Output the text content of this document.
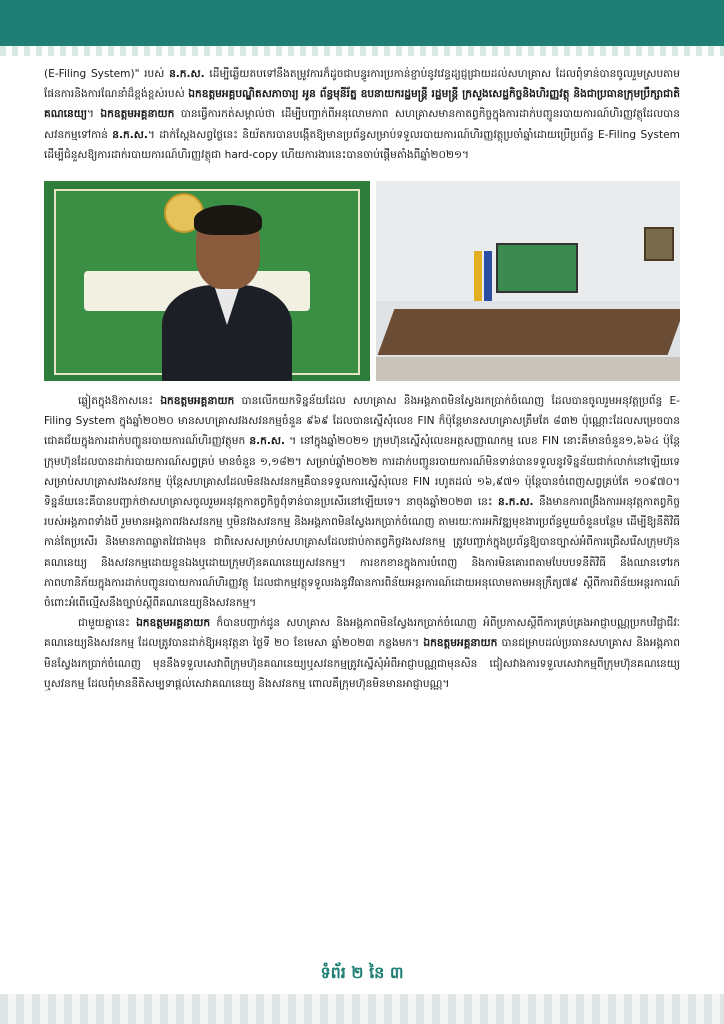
(E-Filing System)" របស់ ន.ក.ស. ដើម្បីឆ្លើយតបទៅនឹងតម្រូវការក៏ដូចជាបន្ធូរការប្រកាន់ខ្ជាប់នូវវេន្ទដ្យជ្ញជ្រាយដល់សហគ្រាស ដែលពុំទាន់បានចូលរួមស្របតាម ផែនការនិងការណែនាំដ៏ខ្ពង់ខ្ពស់របស់ ឯកឧត្តមអគ្គបណ្ឌិតសភាចារ្យ អូន ព័ន្ធមុនីរ័ត្ន ឧបនាយករដ្ឋមន្ត្រី រដ្ឋមន្ត្រី ក្រសួងសេដ្ឋកិច្ចនិងហិរញ្ញវត្ថុ និងជាប្រធានក្រុមប្រឹក្សាជាតិគណនេយ្យ។ ឯកឧត្តមអគ្គនាយក បានធ្វើការកត់សម្គាល់ថា ដើម្បីបញ្ជាក់ពីអនុលោមភាព សហគ្រាសមានកាតព្វកិច្ចក្នុងការដាក់បញ្ជូនរបាយការណ៍ហិរញ្ញវត្ថុដែលបានសវនកម្មទៅកាន់ ន.ក.ស.។ ដាក់ស្តែងសព្វថ្ងៃនេះ និយ័តករបានបង្កើតឱ្យមានប្រព័ន្ធសម្រាប់ទទួលរបាយការណ៍ហិរញ្ញវត្ថុប្រចាំឆ្នាំដោយប្រើប្រព័ន្ធ E-Filing System ដើម្បីជំនួសឱ្យការដាក់របាយការណ៍ហិរញ្ញវត្ថុជា hard-copy ហើយការងារនេះបានចាប់ផ្តើមតាំងពីឆ្នាំ២០២១។

ឆ្លៀតក្នុងឱកាសនេះ ឯកឧត្តមអគ្គនាយក បានលើកយកទិន្នន័យដែល សហគ្រាស និងអង្គភាពមិនស្វែងរកប្រាក់ចំណេញ ដែលបានចូលរួមអនុវត្តប្រព័ន្ធ E-Filing System ក្នុងឆ្នាំ២០២០ មានសហគ្រាសវងសវនកម្មចំនួន ៩៦៩ ដែលបានស្នើសុំលេខ FIN ក៏ប៉ុន្តែមានសហគ្រាសត្រឹមតែ ៨៣២ ប៉ុណ្ណោះដែលសម្រេចបានជោគជ័យក្នុងការដាក់បញ្ជូនរបាយការណ៍ហិរញ្ញវត្ថុមក ន.ក.ស. ។ នៅក្នុងឆ្នាំ២០២១ ក្រុមហ៊ុនស្នើសុំលេខអត្តសញ្ញាណកម្ម លេខ FIN នោះគឺមានចំនួន១,៦៦៤ ប៉ុន្តែក្រុមហ៊ុនដែលបានដាក់របាយការណ៍សព្វគ្រប់ មានចំនួន ១,១៨២។ សម្រាប់ឆ្នាំ២០២២ ការដាក់បញ្ជូនរបាយការណ៍មិនទាន់បានទទួលនូវទិន្នន័យជាក់លាក់នៅឡើយទេ សម្រាប់សហគ្រាសវងសវនកម្ម ប៉ុន្តែសហគ្រាសដែលមិនវងសវនកម្មគឺបានទទួលការស្នើសុំលេខ FIN រហូតដល់ ១៦,៩៧១ ប៉ុន្តែបានចំពេញសព្វគ្រប់តែ ១០៩៧០។ ទិន្នន័យនេះគឺបានបញ្ជាក់ថាសហគ្រាសចូលរួមអនុវត្តកាតព្វកិច្ចពុំទាន់បានប្រសើរនៅឡើយទេ។ នាចុងឆ្នាំ២០២៣ នេះ ន.ក.ស. នឹងមានការពង្រឹងការអនុវត្តកាតព្វកិច្ចរបស់អង្គភាពទាំងបី រួមមានអង្គភាពវងសវនកម្ម ឬមិនវងសវនកម្ម និងអង្គភាពមិនស្វែងរកប្រាក់ចំណេញ តាមរយៈការអភិវឌ្ឍមុខងារប្រព័ន្ធមួយចំនួនបន្ថែម ដើម្បីឱ្យនីតិវិធីកាន់តែប្រសើរ និងមានភាពឆ្លាតវៃជាងមុន ជាពិសេសសម្រាប់សហគ្រាសដែលជាប់កាតព្វកិច្ចវងសវនកម្ម ត្រូវបញ្ជាក់ក្នុងប្រព័ន្ធឱ្យបានច្បាស់អំពីការជ្រើសរើសក្រុមហ៊ុនគណនេយ្យ និងសវនកម្មដោយខ្លួនឯងឬដោយក្រុមហ៊ុនគណនេយ្យសវនកម្ម។ ការខកខានក្នុងការបំពេញ និងការមិនគោរពតាមបែបបទនីតិវិធី នឹងឈានទៅរកភាពហានិភ័យក្នុងការដាក់បញ្ជូនរបាយការណ៍ហិរញ្ញវត្ថុ ដែលជាកម្មវត្ថុទទួលរងនូវវិធានការពិន័យអន្តរការណ៍ដោយអនុលោមតាមអនុក្រឹត្យ៧៩ ស្តីពីការពិន័យអន្តរការណ៍ចំពោះអំពើល្មើសនឹងច្បាប់ស្តីពីគណនេយ្យនិងសវនកម្ម។

ជាមួយគ្នានេះ ឯកឧត្តមអគ្គនាយក ក៏បានបញ្ជាក់ជូន សហគ្រាស និងអង្គភាពមិនស្វែងរកប្រាក់ចំណេញ អំពីប្រកាសស្តីពីការគ្រប់គ្រងអាជ្ញាបណ្ណប្រកបវិជ្ជាជីវៈគណនេយ្យនិងសវនកម្ម ដែលត្រូវបានដាក់ឱ្យអនុវត្តនា ថ្ងៃទី ២០ ខែមេសា ឆ្នាំ២០២៣ កន្លងមក។ ឯកឧត្តមអគ្គនាយក បានជម្រាបដល់ប្រធានសហគ្រាស និងអង្គភាពមិនស្វែងរកប្រាក់ចំណេញ មុននឹងទទួលសេវាពីក្រុមហ៊ុនគណនេយ្យឬសវនកម្មត្រូវស្នើសុំអំពីអាជ្ញាបណ្ណជាមុនសិន ជៀសវាងការទទួលសេវាកម្មពីក្រុមហ៊ុនគណនេយ្យ ឬសវនកម្ម ដែលពុំមាននីតិសម្បទាផ្តល់សេវាគណនេយ្យ និងសវនកម្ម ពោលគឺក្រុមហ៊ុនមិនមានអាជ្ញាបណ្ណ។

ទំព័រ ២ នៃ ៣
